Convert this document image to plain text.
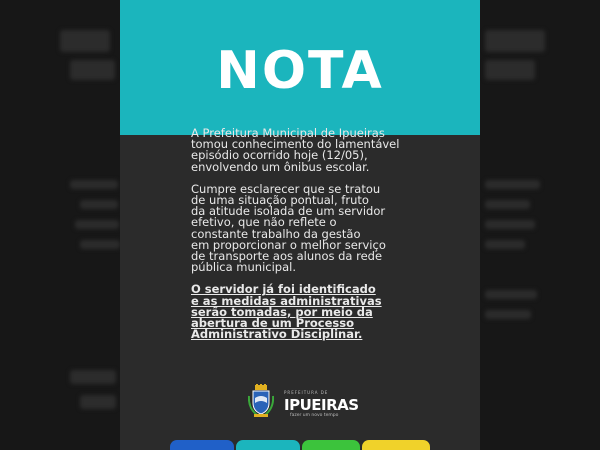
NOTA

A Prefeitura Municipal de Ipueiras
tomou conhecimento do lamentável
episódio ocorrido hoje (12/05),
envolvendo um ônibus escolar.

Cumpre esclarecer que se tratou
de uma situação pontual, fruto
da atitude isolada de um servidor
efetivo, que não reflete o
constante trabalho da gestão
em proporcionar o melhor serviço
de transporte aos alunos da rede
pública municipal.

O servidor já foi identificado
e as medidas administrativas
serão tomadas, por meio da
abertura de um Processo
Administrativo Disciplinar.

PREFEITURA DE
IPUEIRAS
fazer um novo tempo
